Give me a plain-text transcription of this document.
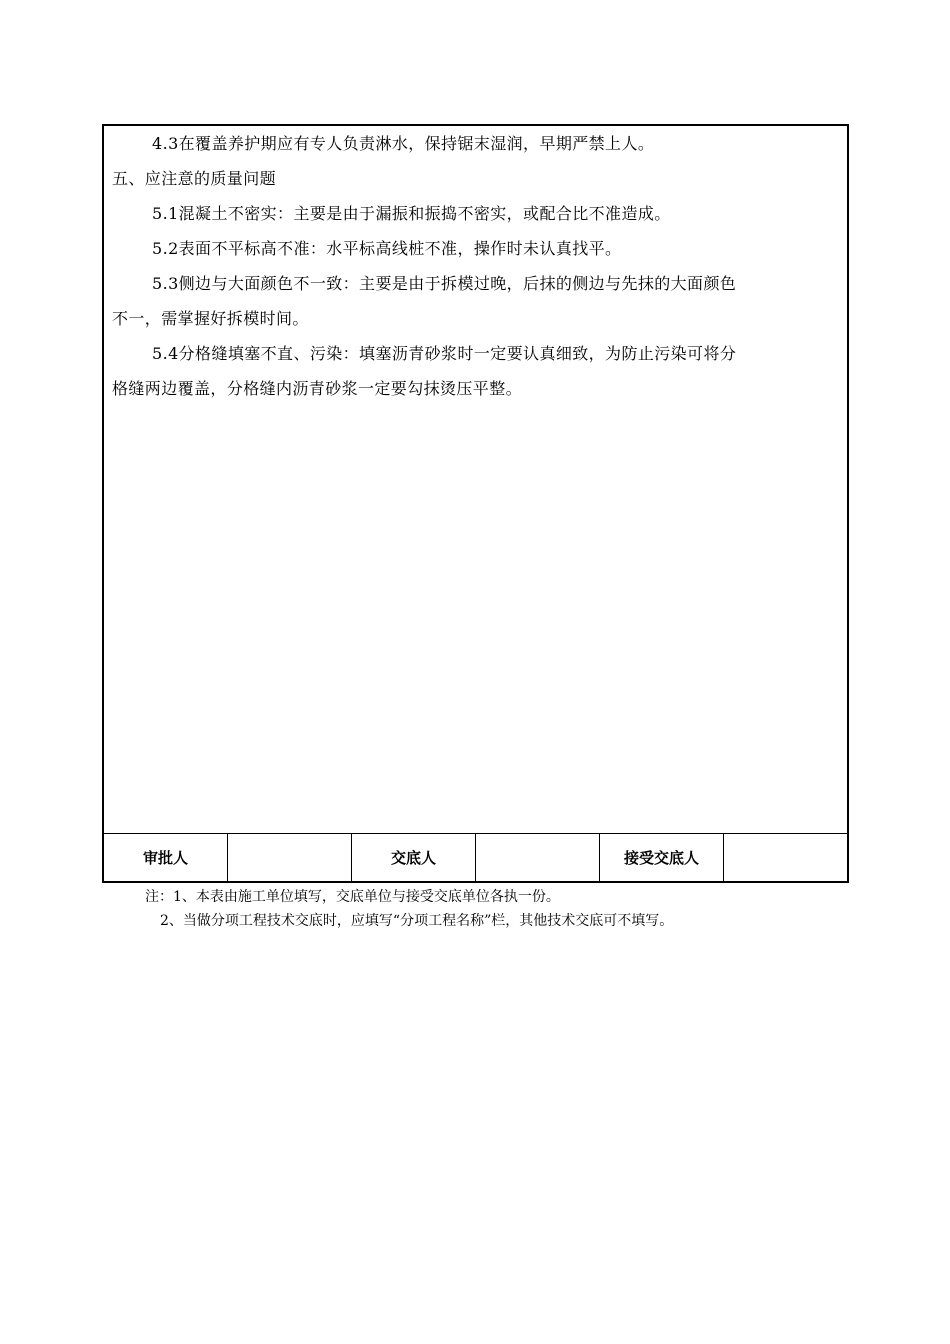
4.3在覆盖养护期应有专人负责淋水，保持锯末湿润，早期严禁上人。
五、应注意的质量问题
5.1混凝土不密实：主要是由于漏振和振捣不密实，或配合比不准造成。
5.2表面不平标高不准：水平标高线桩不准，操作时未认真找平。
5.3侧边与大面颜色不一致：主要是由于拆模过晚，后抹的侧边与先抹的大面颜色
不一，需掌握好拆模时间。
5.4分格缝填塞不直、污染：填塞沥青砂浆时一定要认真细致，为防止污染可将分
格缝两边覆盖，分格缝内沥青砂浆一定要勾抹烫压平整。
审批人	交底人	接受交底人
注：1、本表由施工单位填写，交底单位与接受交底单位各执一份。
2、当做分项工程技术交底时，应填写“分项工程名称”栏，其他技术交底可不填写。
